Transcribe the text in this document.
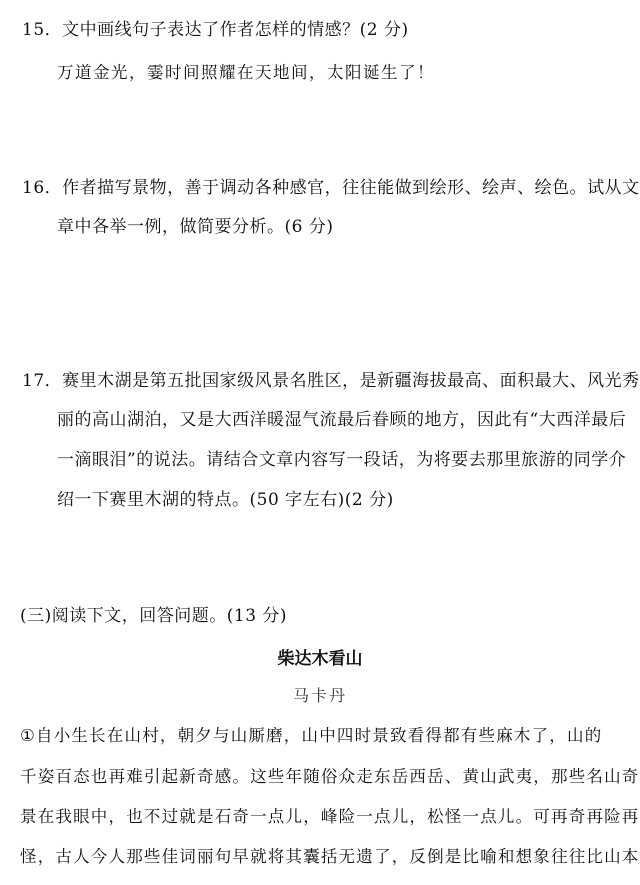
15．文中画线句子表达了作者怎样的情感？(2 分)
万道金光，霎时间照耀在天地间，太阳诞生了！
16．作者描写景物，善于调动各种感官，往往能做到绘形、绘声、绘色。试从文
章中各举一例，做简要分析。(6 分)
17．赛里木湖是第五批国家级风景名胜区，是新疆海拔最高、面积最大、风光秀
丽的高山湖泊，又是大西洋暖湿气流最后眷顾的地方，因此有“大西洋最后
一滴眼泪”的说法。请结合文章内容写一段话，为将要去那里旅游的同学介
绍一下赛里木湖的特点。(50 字左右)(2 分)
(三)阅读下文，回答问题。(13 分)
柴达木看山
马卡丹
①自小生长在山村，朝夕与山厮磨，山中四时景致看得都有些麻木了，山的
千姿百态也再难引起新奇感。这些年随俗众走东岳西岳、黄山武夷，那些名山奇
景在我眼中，也不过就是石奇一点儿，峰险一点儿，松怪一点儿。可再奇再险再
怪，古人今人那些佳词丽句早就将其囊括无遗了，反倒是比喻和想象往往比山本
